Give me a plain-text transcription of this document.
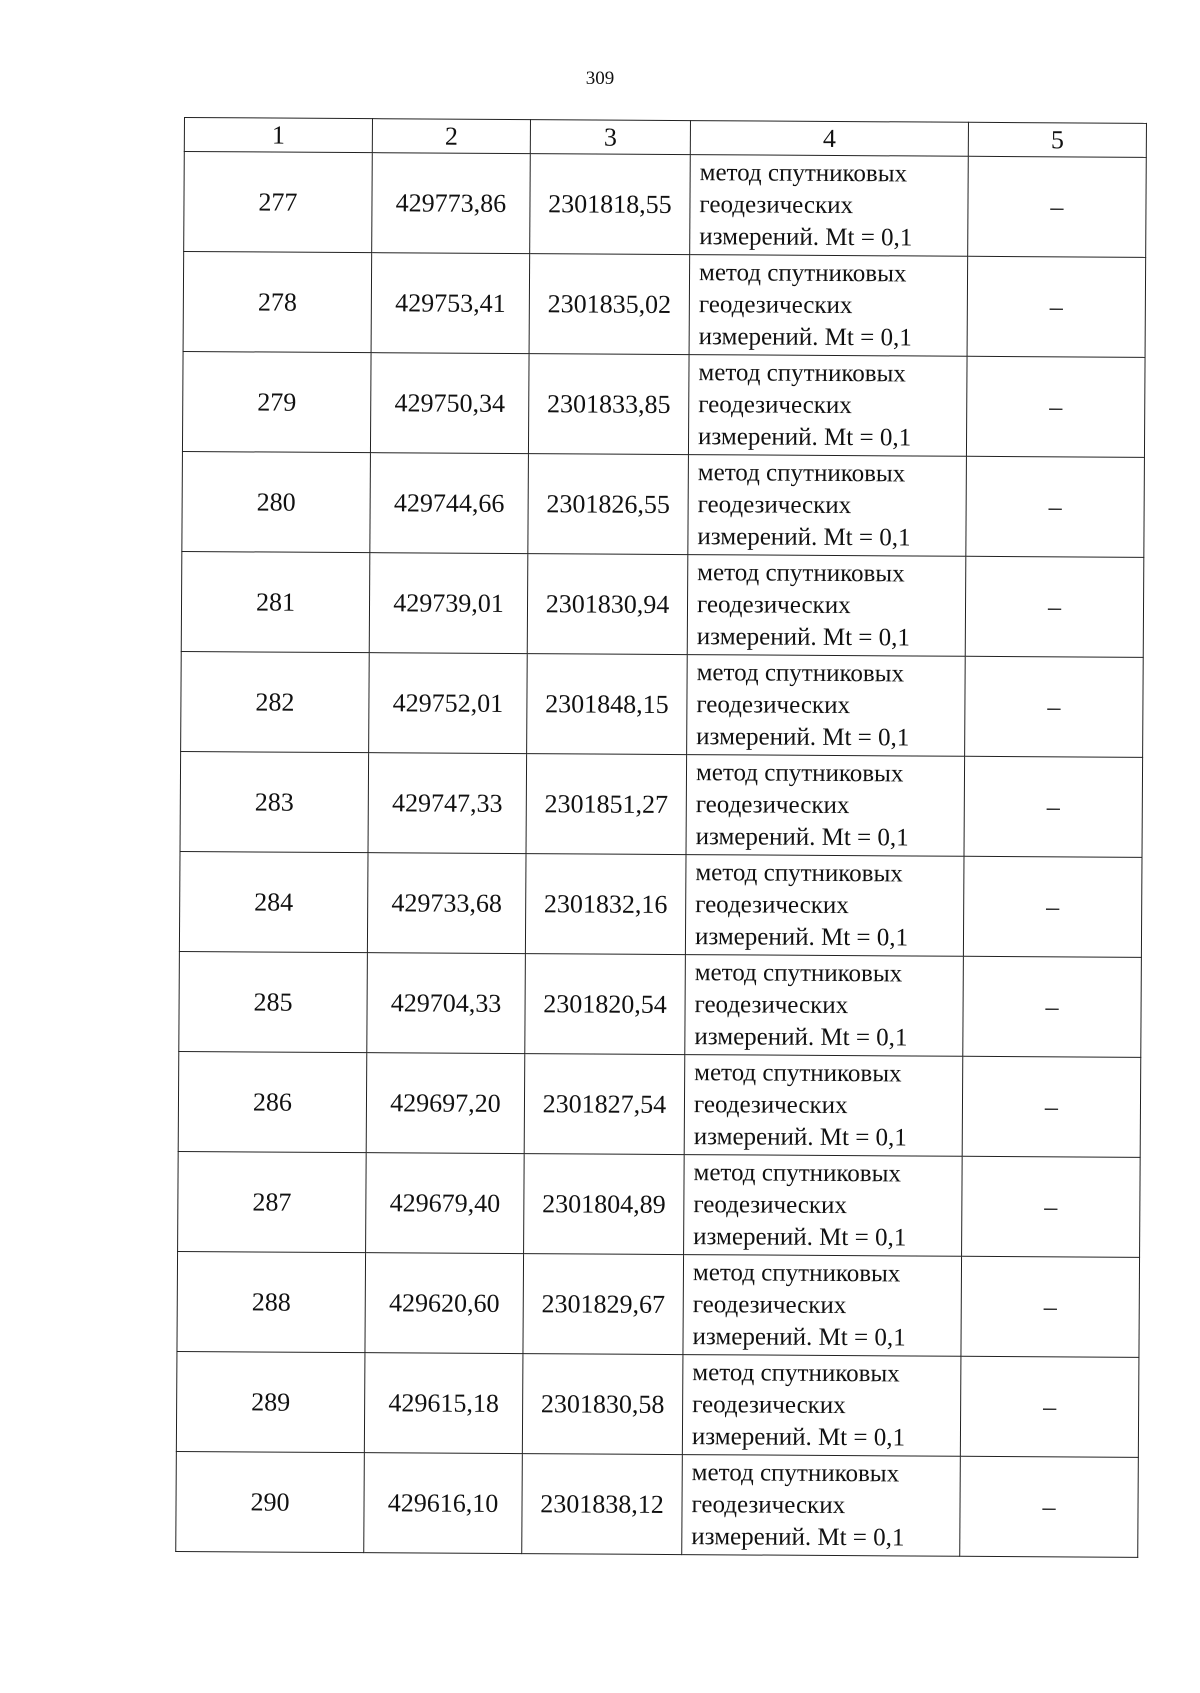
309
1	2	3	4	5
277	429773,86	2301818,55	метод спутниковых
геодезических
измерений. Mt = 0,1	–
278	429753,41	2301835,02	метод спутниковых
геодезических
измерений. Mt = 0,1	–
279	429750,34	2301833,85	метод спутниковых
геодезических
измерений. Mt = 0,1	–
280	429744,66	2301826,55	метод спутниковых
геодезических
измерений. Mt = 0,1	–
281	429739,01	2301830,94	метод спутниковых
геодезических
измерений. Mt = 0,1	–
282	429752,01	2301848,15	метод спутниковых
геодезических
измерений. Mt = 0,1	–
283	429747,33	2301851,27	метод спутниковых
геодезических
измерений. Mt = 0,1	–
284	429733,68	2301832,16	метод спутниковых
геодезических
измерений. Mt = 0,1	–
285	429704,33	2301820,54	метод спутниковых
геодезических
измерений. Mt = 0,1	–
286	429697,20	2301827,54	метод спутниковых
геодезических
измерений. Mt = 0,1	–
287	429679,40	2301804,89	метод спутниковых
геодезических
измерений. Mt = 0,1	–
288	429620,60	2301829,67	метод спутниковых
геодезических
измерений. Mt = 0,1	–
289	429615,18	2301830,58	метод спутниковых
геодезических
измерений. Mt = 0,1	–
290	429616,10	2301838,12	метод спутниковых
геодезических
измерений. Mt = 0,1	–
